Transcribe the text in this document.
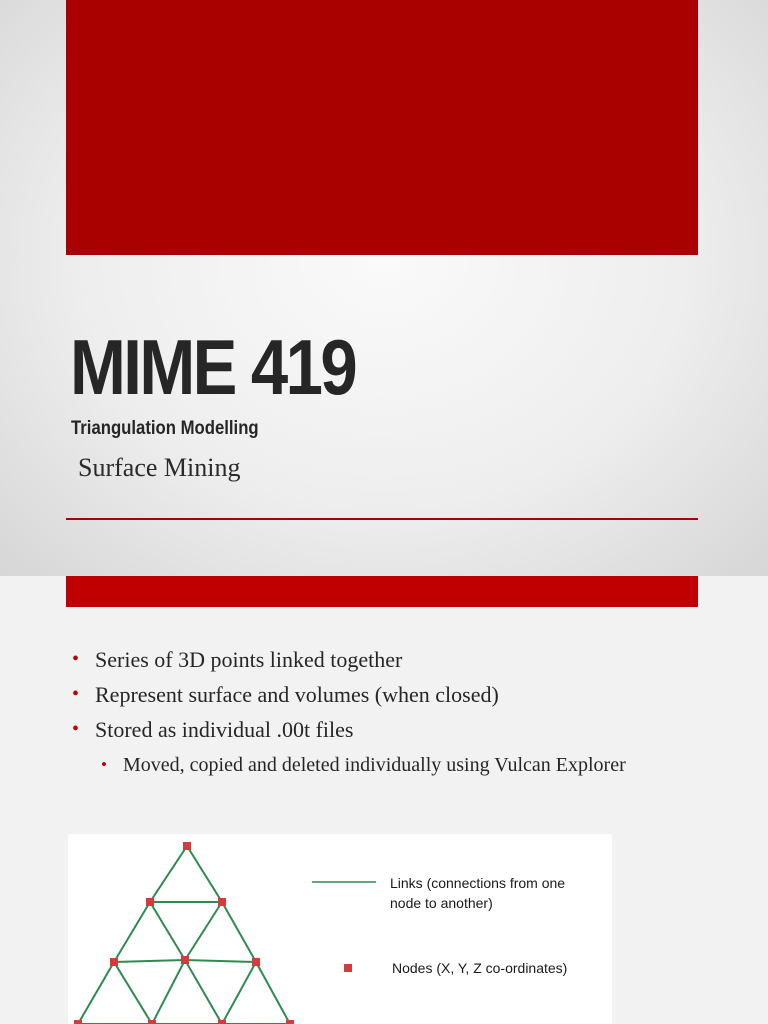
MIME 419
Triangulation Modelling
Surface Mining
• Series of 3D points linked together
• Represent surface and volumes (when closed)
• Stored as individual .00t files
• Moved, copied and deleted individually using Vulcan Explorer
Links (connections from one
node to another)
Nodes (X, Y, Z co-ordinates)
